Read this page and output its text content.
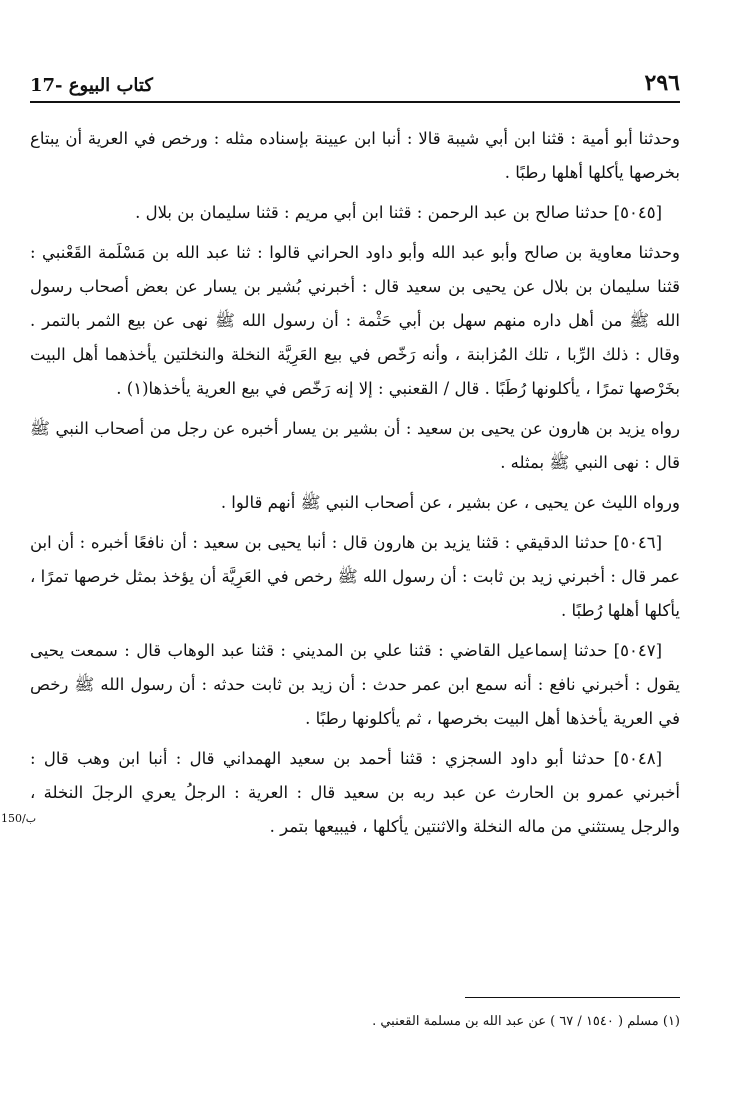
17- كتاب البيوع	٢٩٦

وحدثنا أبو أمية : قثنا ابن أبي شيبة قالا : أنبا ابن عيينة بإسناده مثله : ورخص في العرية أن يبتاع بخرصها يأكلها أهلها رطبًا .

[٥٠٤٥] حدثنا صالح بن عبد الرحمن : قثنا ابن أبي مريم : قثنا سليمان بن بلال .

وحدثنا معاوية بن صالح وأبو عبد الله وأبو داود الحراني قالوا : ثنا عبد الله بن مَسْلَمة القَعْنبي : قثنا سليمان بن بلال عن يحيى بن سعيد قال : أخبرني بُشير بن يسار عن بعض أصحاب رسول الله ﷺ من أهل داره منهم سهل بن أبي حَثْمة : أن رسول الله ﷺ نهى عن بيع الثمر بالتمر . وقال : ذلك الرِّبا ، تلك المُزابنة ، وأنه رَخّص في بيع العَرِيَّة النخلة والنخلتين يأخذهما أهل البيت بخَرْصها تمرًا ، يأكلونها رُطَبًا . قال / القعنبي : إلا إنه رَخّص في بيع العرية يأخذها(١) .

رواه يزيد بن هارون عن يحيى بن سعيد : أن بشير بن يسار أخبره عن رجل من أصحاب النبي ﷺ قال : نهى النبي ﷺ بمثله .

ورواه الليث عن يحيى ، عن بشير ، عن أصحاب النبي ﷺ أنهم قالوا .

[٥٠٤٦] حدثنا الدقيقي : قثنا يزيد بن هارون قال : أنبا يحيى بن سعيد : أن نافعًا أخبره : أن ابن عمر قال : أخبرني زيد بن ثابت : أن رسول الله ﷺ رخص في العَرِيَّة أن يؤخذ بمثل خرصها تمرًا ، يأكلها أهلها رُطبًا .

[٥٠٤٧] حدثنا إسماعيل القاضي : قثنا علي بن المديني : قثنا عبد الوهاب قال : سمعت يحيى يقول : أخبرني نافع : أنه سمع ابن عمر حدث : أن زيد بن ثابت حدثه : أن رسول الله ﷺ رخص في العرية يأخذها أهل البيت بخرصها ، ثم يأكلونها رطبًا .

[٥٠٤٨] حدثنا أبو داود السجزي : قثنا أحمد بن سعيد الهمداني قال : أنبا ابن وهب قال : أخبرني عمرو بن الحارث عن عبد ربه بن سعيد قال : العرية : الرجلُ يعري الرجلَ النخلة ، والرجل يستثني من ماله النخلة والاثنتين يأكلها ، فيبيعها بتمر .

150/ب
(١) مسلم ( ١٥٤٠ / ٦٧ ) عن عبد الله بن مسلمة القعنبي .
